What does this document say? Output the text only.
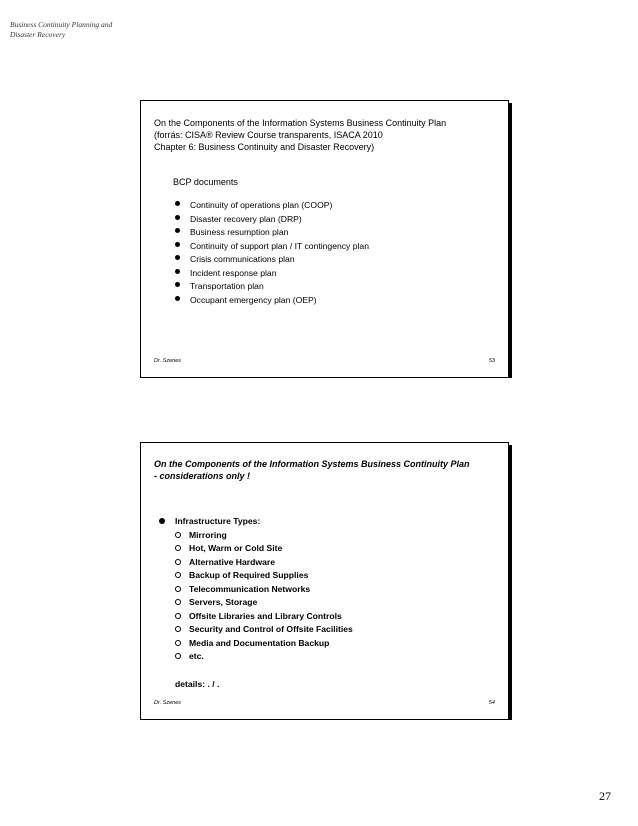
Business Continuity Planning and
Disaster Recovery
On the Components of the Information Systems Business Continuity Plan
(forrás: CISA® Review Course transparents, ISACA 2010
Chapter 6: Business Continuity and Disaster Recovery)
BCP documents
Continuity of operations plan (COOP)
Disaster recovery plan (DRP)
Business resumption plan
Continuity of support plan / IT contingency plan
Crisis communications plan
Incident response plan
Transportation plan
Occupant emergency plan (OEP)
Dr. Szenes	53
On the Components of the Information Systems Business Continuity Plan
- considerations only !
Infrastructure Types:
Mirroring
Hot, Warm or Cold Site
Alternative Hardware
Backup of Required Supplies
Telecommunication Networks
Servers, Storage
Offsite Libraries and Library Controls
Security and Control of Offsite Facilities
Media and Documentation Backup
etc.
details: . / .
Dr. Szenes	54
27
